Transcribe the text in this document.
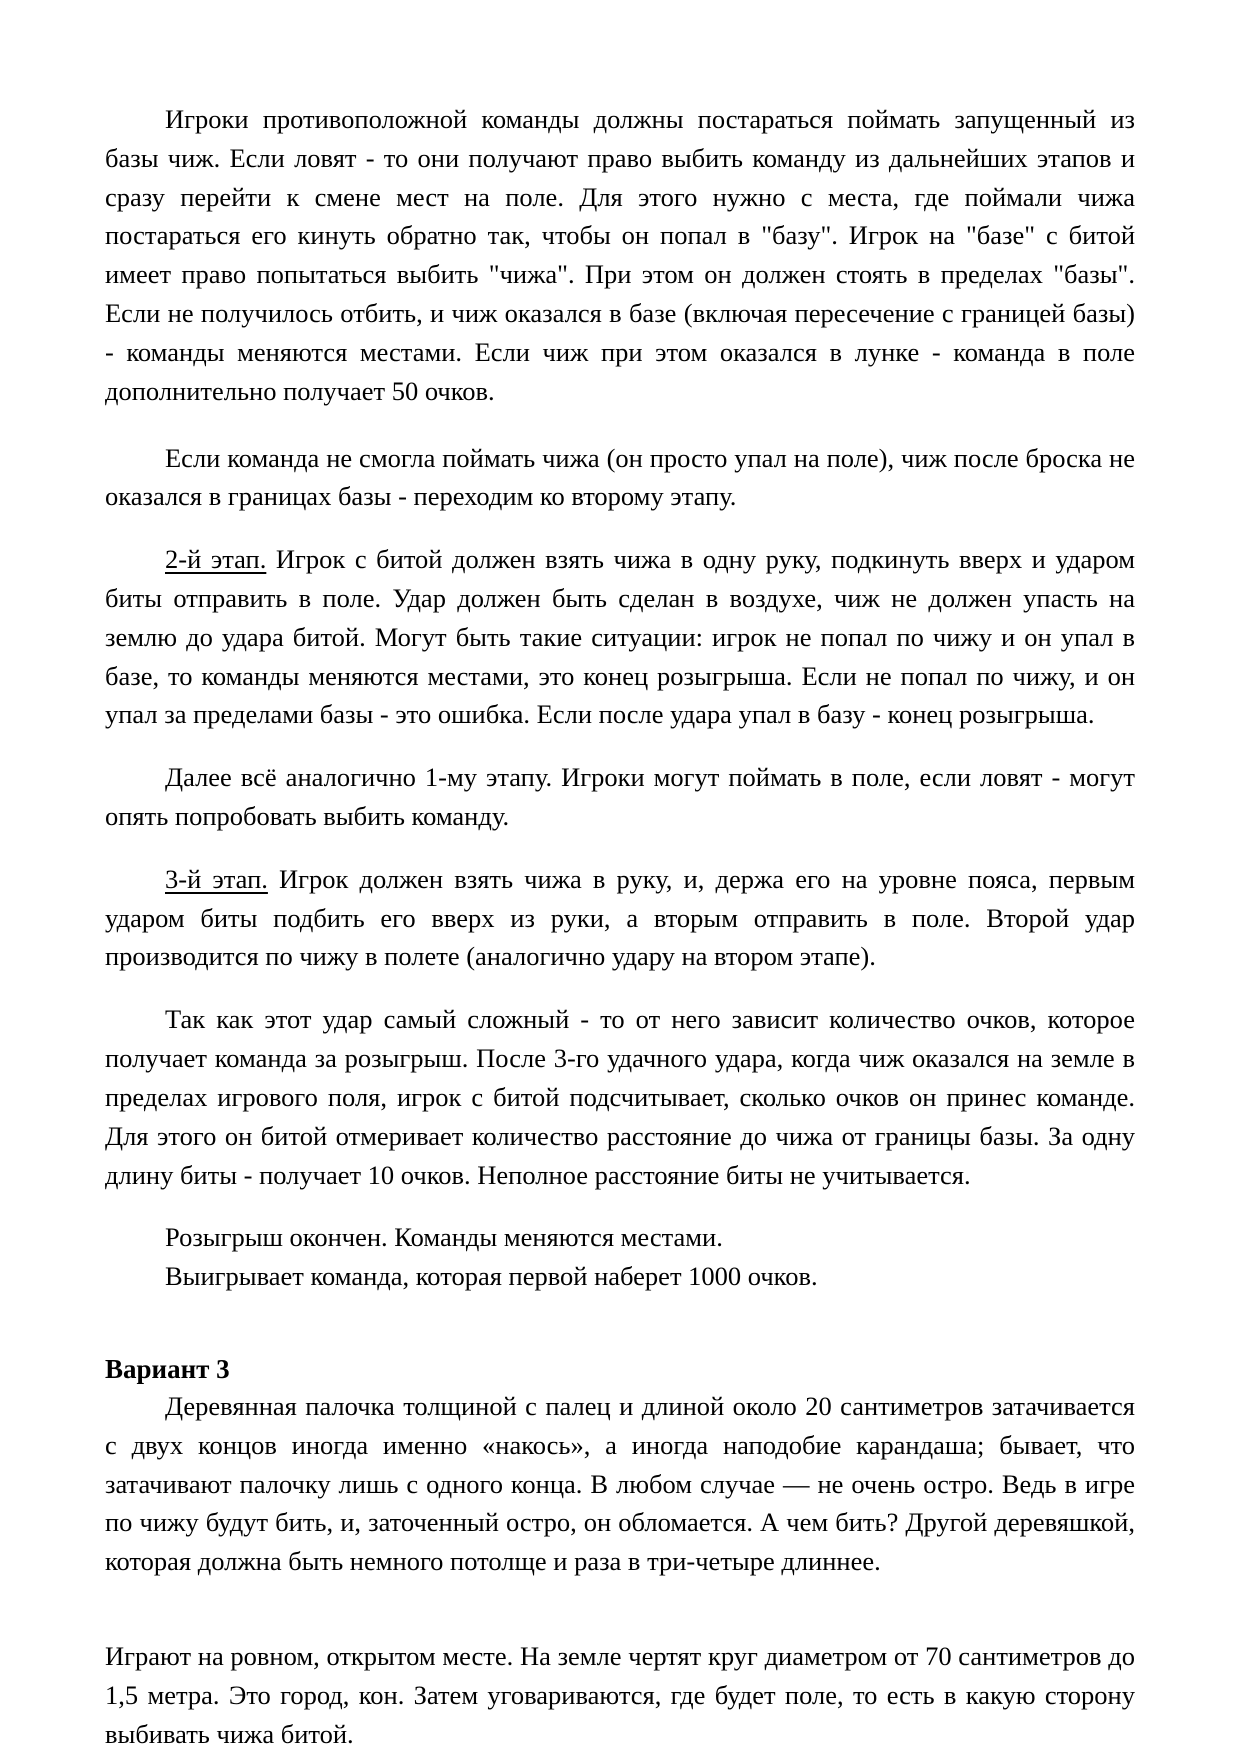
Игроки противоположной команды должны постараться поймать запущенный из базы чиж. Если ловят - то они получают право выбить команду из дальнейших этапов и сразу перейти к смене мест на поле. Для этого нужно с места, где поймали чижа постараться его кинуть обратно так, чтобы он попал в "базу". Игрок на "базе" с битой имеет право попытаться выбить "чижа". При этом он должен стоять в пределах "базы". Если не получилось отбить, и чиж оказался в базе (включая пересечение с границей базы) - команды меняются местами. Если чиж при этом оказался в лунке - команда в поле дополнительно получает 50 очков.

Если команда не смогла поймать чижа (он просто упал на поле), чиж после броска не оказался в границах базы - переходим ко второму этапу.

2-й этап. Игрок с битой должен взять чижа в одну руку, подкинуть вверх и ударом биты отправить в поле. Удар должен быть сделан в воздухе, чиж не должен упасть на землю до удара битой. Могут быть такие ситуации: игрок не попал по чижу и он упал в базе, то команды меняются местами, это конец розыгрыша. Если не попал по чижу, и он упал за пределами базы - это ошибка. Если после удара упал в базу - конец розыгрыша.

Далее всё аналогично 1-му этапу. Игроки могут поймать в поле, если ловят - могут опять попробовать выбить команду.

3-й этап. Игрок должен взять чижа в руку, и, держа его на уровне пояса, первым ударом биты подбить его вверх из руки, а вторым отправить в поле. Второй удар производится по чижу в полете (аналогично удару на втором этапе).

Так как этот удар самый сложный - то от него зависит количество очков, которое получает команда за розыгрыш. После 3-го удачного удара, когда чиж оказался на земле в пределах игрового поля, игрок с битой подсчитывает, сколько очков он принес команде. Для этого он битой отмеривает количество расстояние до чижа от границы базы. За одну длину биты - получает 10 очков. Неполное расстояние биты не учитывается.

Розыгрыш окончен. Команды меняются местами.

Выигрывает команда, которая первой наберет 1000 очков.

Вариант 3

Деревянная палочка толщиной с палец и длиной около 20 сантиметров затачивается с двух концов иногда именно «накось», а иногда наподобие карандаша; бывает, что затачивают палочку лишь с одного конца. В любом случае — не очень остро. Ведь в игре по чижу будут бить, и, заточенный остро, он обломается. А чем бить? Другой деревяшкой, которая должна быть немного потолще и раза в три-четыре длиннее.

Играют на ровном, открытом месте. На земле чертят круг диаметром от 70 сантиметров до 1,5 метра. Это город, кон. Затем уговариваются, где будет поле, то есть в какую сторону выбивать чижа битой.
